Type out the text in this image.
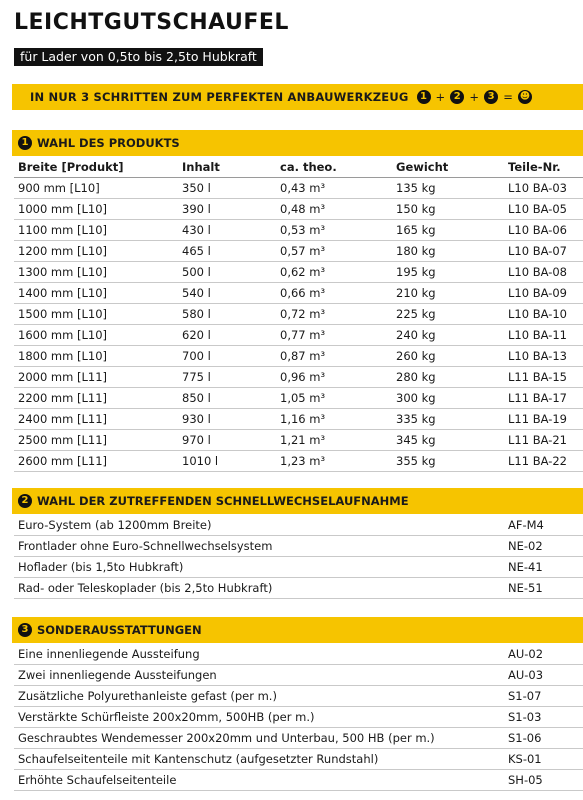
LEICHTGUTSCHAUFEL
für Lader von 0,5to bis 2,5to Hubkraft
IN NUR 3 SCHRITTEN ZUM PERFEKTEN ANBAUWERKZEUG	1 + 2 + 3 = ☻
1 WAHL DES PRODUKTS
Breite [Produkt]	Inhalt	ca. theo.	Gewicht	Teile-Nr.
900 mm [L10]	350 l	0,43 m³	135 kg	L10 BA-03
1000 mm [L10]	390 l	0,48 m³	150 kg	L10 BA-05
1100 mm [L10]	430 l	0,53 m³	165 kg	L10 BA-06
1200 mm [L10]	465 l	0,57 m³	180 kg	L10 BA-07
1300 mm [L10]	500 l	0,62 m³	195 kg	L10 BA-08
1400 mm [L10]	540 l	0,66 m³	210 kg	L10 BA-09
1500 mm [L10]	580 l	0,72 m³	225 kg	L10 BA-10
1600 mm [L10]	620 l	0,77 m³	240 kg	L10 BA-11
1800 mm [L10]	700 l	0,87 m³	260 kg	L10 BA-13
2000 mm [L11]	775 l	0,96 m³	280 kg	L11 BA-15
2200 mm [L11]	850 l	1,05 m³	300 kg	L11 BA-17
2400 mm [L11]	930 l	1,16 m³	335 kg	L11 BA-19
2500 mm [L11]	970 l	1,21 m³	345 kg	L11 BA-21
2600 mm [L11]	1010 l	1,23 m³	355 kg	L11 BA-22
2 WAHL DER ZUTREFFENDEN SCHNELLWECHSELAUFNAHME
Euro-System (ab 1200mm Breite)	AF-M4
Frontlader ohne Euro-Schnellwechselsystem	NE-02
Hoflader (bis 1,5to Hubkraft)	NE-41
Rad- oder Teleskoplader (bis 2,5to Hubkraft)	NE-51
3 SONDERAUSSTATTUNGEN
Eine innenliegende Aussteifung	AU-02
Zwei innenliegende Aussteifungen	AU-03
Zusätzliche Polyurethanleiste gefast (per m.)	S1-07
Verstärkte Schürfleiste 200x20mm, 500HB (per m.)	S1-03
Geschraubtes Wendemesser 200x20mm und Unterbau, 500 HB (per m.)	S1-06
Schaufelseitenteile mit Kantenschutz (aufgesetzter Rundstahl)	KS-01
Erhöhte Schaufelseitenteile	SH-05
